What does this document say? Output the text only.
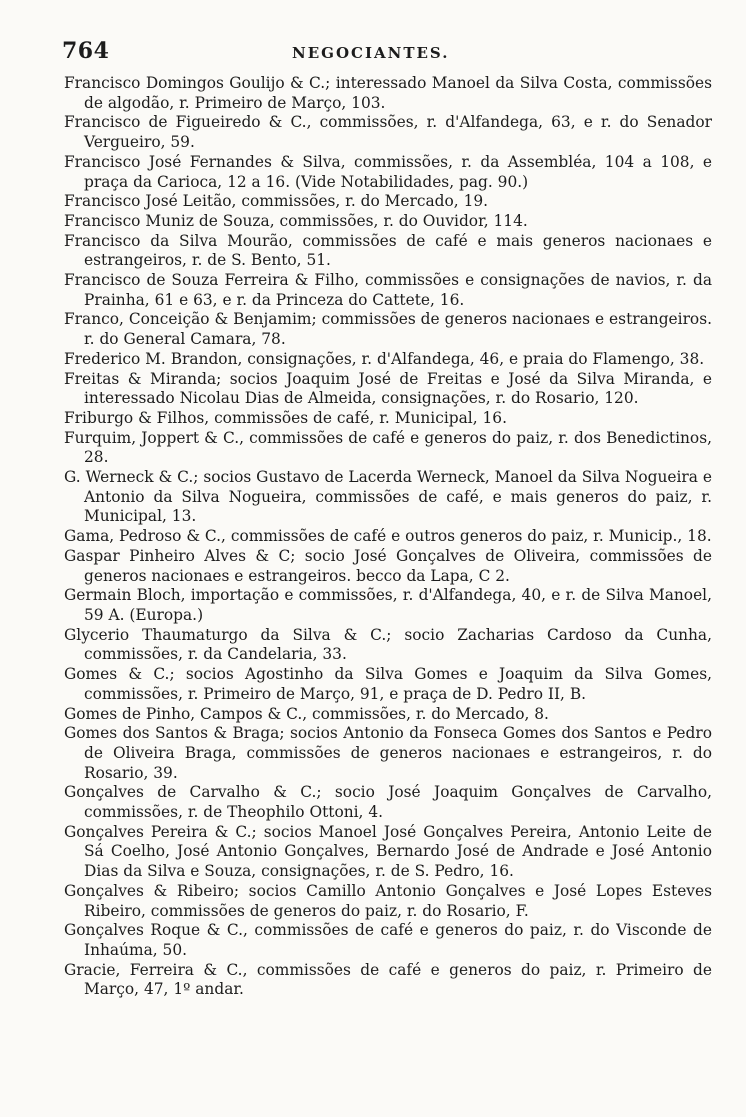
764	NEGOCIANTES.

Francisco Domingos Goulijo & C.; interessado Manoel da Silva Costa, commissões de algodão, r. Primeiro de Março, 103.

Francisco de Figueiredo & C., commissões, r. d'Alfandega, 63, e r. do Senador Vergueiro, 59.

Francisco José Fernandes & Silva, commissões, r. da Assembléa, 104 a 108, e praça da Carioca, 12 a 16. (Vide Notabilidades, pag. 90.)

Francisco José Leitão, commissões, r. do Mercado, 19.

Francisco Muniz de Souza, commissões, r. do Ouvidor, 114.

Francisco da Silva Mourão, commissões de café e mais generos nacionaes e estrangeiros, r. de S. Bento, 51.

Francisco de Souza Ferreira & Filho, commissões e consignações de navios, r. da Prainha, 61 e 63, e r. da Princeza do Cattete, 16.

Franco, Conceição & Benjamim; commissões de generos nacionaes e estrangeiros. r. do General Camara, 78.

Frederico M. Brandon, consignações, r. d'Alfandega, 46, e praia do Flamengo, 38.

Freitas & Miranda; socios Joaquim José de Freitas e José da Silva Miranda, e interessado Nicolau Dias de Almeida, consignações, r. do Rosario, 120.

Friburgo & Filhos, commissões de café, r. Municipal, 16.

Furquim, Joppert & C., commissões de café e generos do paiz, r. dos Benedictinos, 28.

G. Werneck & C.; socios Gustavo de Lacerda Werneck, Manoel da Silva Nogueira e Antonio da Silva Nogueira, commissões de café, e mais generos do paiz, r. Municipal, 13.

Gama, Pedroso & C., commissões de café e outros generos do paiz, r. Municip., 18.

Gaspar Pinheiro Alves & C; socio José Gonçalves de Oliveira, commissões de generos nacionaes e estrangeiros. becco da Lapa, C 2.

Germain Bloch, importação e commissões, r. d'Alfandega, 40, e r. de Silva Manoel, 59 A. (Europa.)

Glycerio Thaumaturgo da Silva & C.; socio Zacharias Cardoso da Cunha, commissões, r. da Candelaria, 33.

Gomes & C.; socios Agostinho da Silva Gomes e Joaquim da Silva Gomes, commissões, r. Primeiro de Março, 91, e praça de D. Pedro II, B.

Gomes de Pinho, Campos & C., commissões, r. do Mercado, 8.

Gomes dos Santos & Braga; socios Antonio da Fonseca Gomes dos Santos e Pedro de Oliveira Braga, commissões de generos nacionaes e estrangeiros, r. do Rosario, 39.

Gonçalves de Carvalho & C.; socio José Joaquim Gonçalves de Carvalho, commissões, r. de Theophilo Ottoni, 4.

Gonçalves Pereira & C.; socios Manoel José Gonçalves Pereira, Antonio Leite de Sá Coelho, José Antonio Gonçalves, Bernardo José de Andrade e José Antonio Dias da Silva e Souza, consignações, r. de S. Pedro, 16.

Gonçalves & Ribeiro; socios Camillo Antonio Gonçalves e José Lopes Esteves Ribeiro, commissões de generos do paiz, r. do Rosario, F.

Gonçalves Roque & C., commissões de café e generos do paiz, r. do Visconde de Inhaúma, 50.

Gracie, Ferreira & C., commissões de café e generos do paiz, r. Primeiro de Março, 47, 1º andar.
